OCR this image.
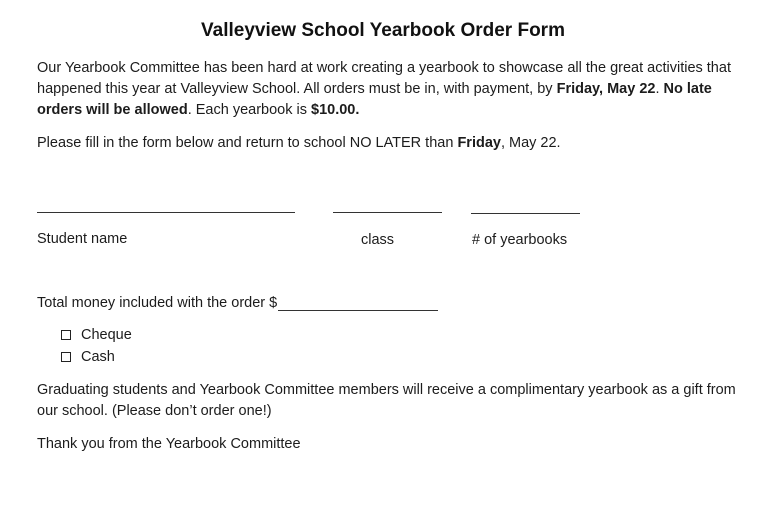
Valleyview School Yearbook Order Form
Our Yearbook Committee has been hard at work creating a yearbook to showcase all the great activities that happened this year at Valleyview School. All orders must be in, with payment, by Friday, May 22. No late orders will be allowed. Each yearbook is $10.00.
Please fill in the form below and return to school NO LATER than Friday, May 22.
Student name	class	# of yearbooks
Total money included with the order $
Cheque
Cash
Graduating students and Yearbook Committee members will receive a complimentary yearbook as a gift from our school. (Please don’t order one!)
Thank you from the Yearbook Committee
